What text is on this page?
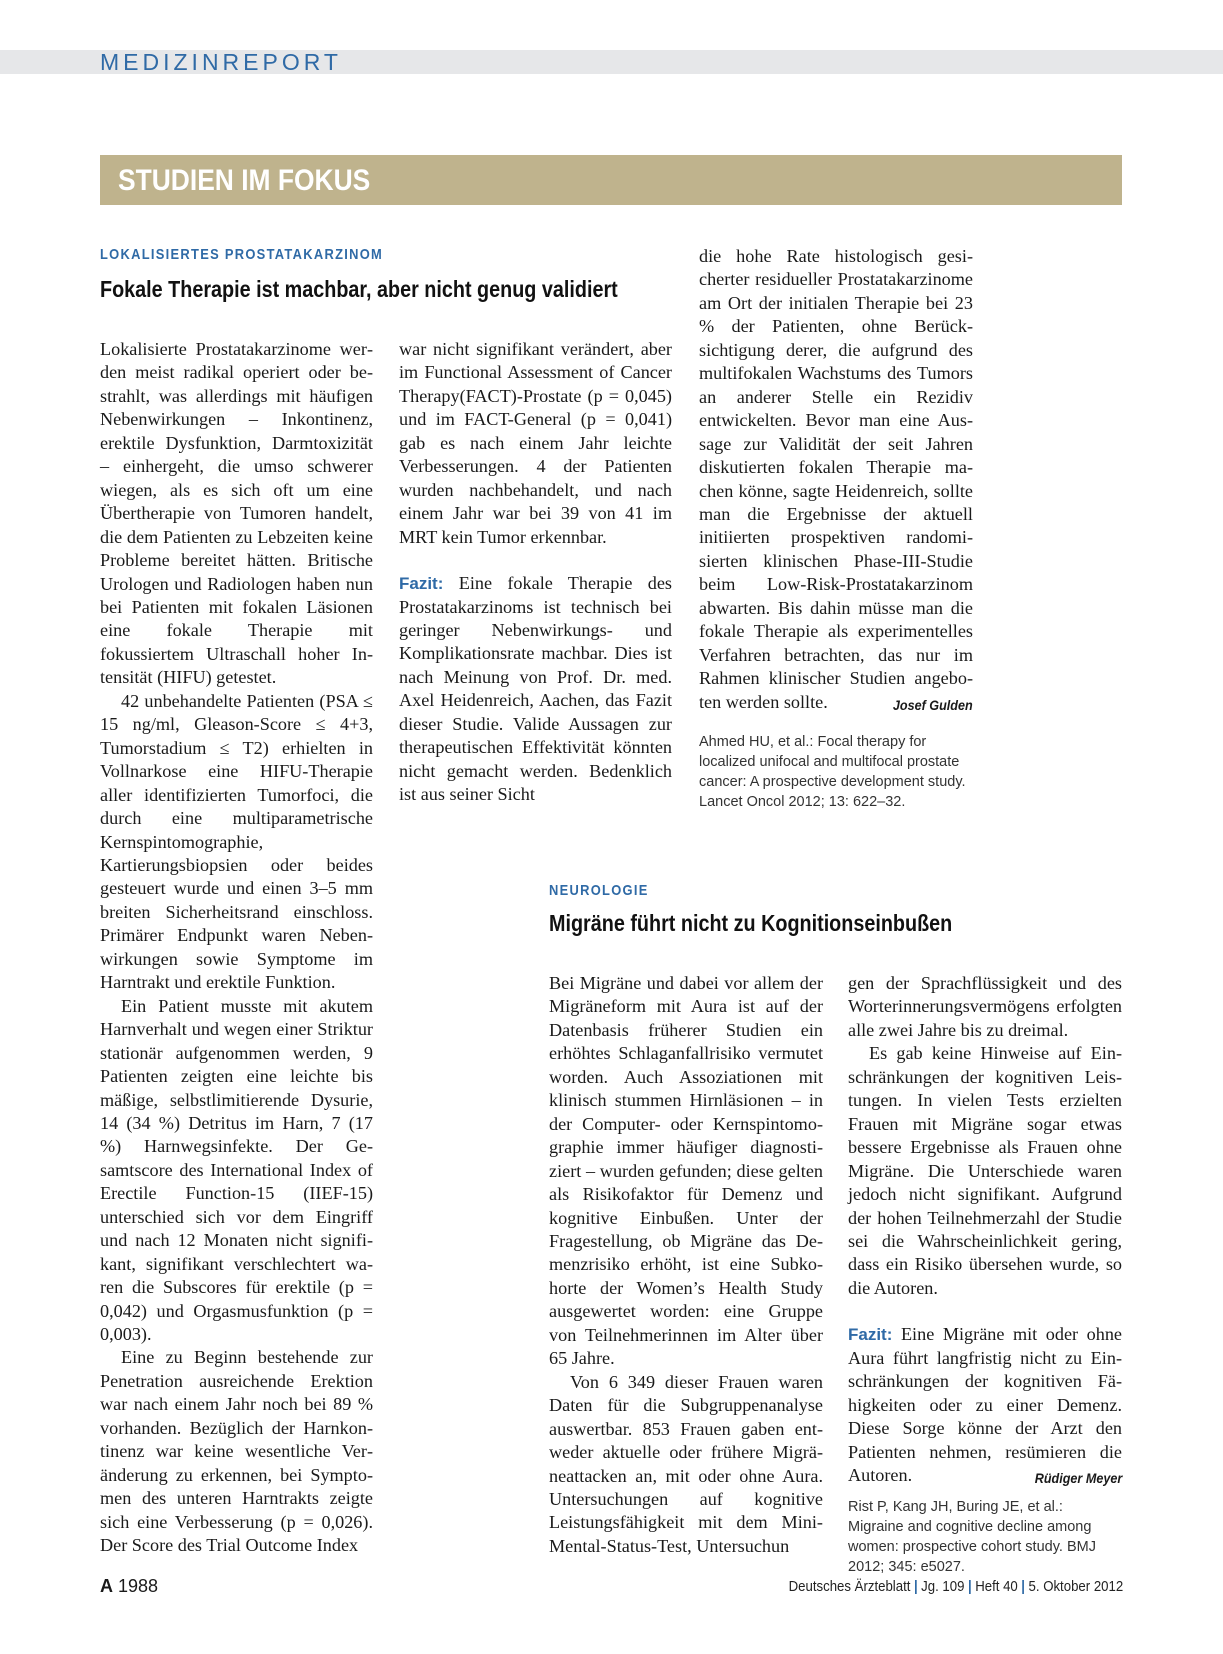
MEDIZINREPORT
STUDIEN IM FOKUS
LOKALISIERTES PROSTATAKARZINOM
Fokale Therapie ist machbar, aber nicht genug validiert

Lokalisierte Prostatakarzinome werden meist radikal operiert oder bestrahlt, was allerdings mit häufigen Nebenwirkungen – Inkontinenz, erektile Dysfunktion, Darmtoxizität – einhergeht, die umso schwerer wiegen, als es sich oft um eine Übertherapie von Tumoren handelt, die dem Patienten zu Lebzeiten keine Probleme bereitet hätten. Britische Urologen und Radiologen haben nun bei Patienten mit fokalen Läsionen eine fokale Therapie mit fokussiertem Ultraschall hoher Intensität (HIFU) getestet.

42 unbehandelte Patienten (PSA ≤ 15 ng/ml, Gleason-Score ≤ 4+3, Tumorstadium ≤ T2) erhielten in Vollnarkose eine HIFU-Therapie aller identifizierten Tumorfoci, die durch eine multiparametrische Kernspintomographie, Kartierungsbiopsien oder beides gesteuert wurde und einen 3–5 mm breiten Sicherheitsrand einschloss. Primärer Endpunkt waren Nebenwirkungen sowie Symptome im Harntrakt und erektile Funktion.

Ein Patient musste mit akutem Harnverhalt und wegen einer Striktur stationär aufgenommen werden, 9 Patienten zeigten eine leichte bis mäßige, selbstlimitierende Dysurie, 14 (34 %) Detritus im Harn, 7 (17 %) Harnwegsinfekte. Der Gesamtscore des International Index of Erectile Function-15 (IIEF-15) unterschied sich vor dem Eingriff und nach 12 Monaten nicht signifikant, signifikant verschlechtert waren die Subscores für erektile (p = 0,042) und Orgasmusfunktion (p = 0,003).

Eine zu Beginn bestehende zur Penetration ausreichende Erektion war nach einem Jahr noch bei 89 % vorhanden. Bezüglich der Harnkontinenz war keine wesentliche Veränderung zu erkennen, bei Symptomen des unteren Harntrakts zeigte sich eine Verbesserung (p = 0,026). Der Score des Trial Outcome Index

war nicht signifikant verändert, aber im Functional Assessment of Cancer Therapy(FACT)-Prostate (p = 0,045) und im FACT-General (p = 0,041) gab es nach einem Jahr leichte Verbesserungen. 4 der Patienten wurden nachbehandelt, und nach einem Jahr war bei 39 von 41 im MRT kein Tumor erkennbar.

Fazit: Eine fokale Therapie des Prostatakarzinoms ist technisch bei geringer Nebenwirkungs- und Komplikationsrate machbar. Dies ist nach Meinung von Prof. Dr. med. Axel Heidenreich, Aachen, das Fazit dieser Studie. Valide Aussagen zur therapeutischen Effektivität könnten nicht gemacht werden. Bedenklich ist aus seiner Sicht

die hohe Rate histologisch gesicherter residueller Prostatakarzinome am Ort der initialen Therapie bei 23 % der Patienten, ohne Berücksichtigung derer, die aufgrund des multifokalen Wachstums des Tumors an anderer Stelle ein Rezidiv entwickelten. Bevor man eine Aussage zur Validität der seit Jahren diskutierten fokalen Therapie machen könne, sagte Heidenreich, sollte man die Ergebnisse der aktuell initiierten prospektiven randomisierten klinischen Phase-III-Studie beim Low-Risk-Prostatakarzinom abwarten. Bis dahin müsse man die fokale Therapie als experimentelles Verfahren betrachten, das nur im Rahmen klinischer Studien angeboten werden sollte.	Josef Gulden

Ahmed HU, et al.: Focal therapy for localized unifocal and multifocal prostate cancer: A prospective development study. Lancet Oncol 2012; 13: 622–32.
NEUROLOGIE
Migräne führt nicht zu Kognitionseinbußen

Bei Migräne und dabei vor allem der Migräneform mit Aura ist auf der Datenbasis früherer Studien ein erhöhtes Schlaganfallrisiko vermutet worden. Auch Assoziationen mit klinisch stummen Hirnläsionen – in der Computer- oder Kernspintomographie immer häufiger diagnostiziert – wurden gefunden; diese gelten als Risikofaktor für Demenz und kognitive Einbußen. Unter der Fragestellung, ob Migräne das Demenzrisiko erhöht, ist eine Subkohorte der Women’s Health Study ausgewertet worden: eine Gruppe von Teilnehmerinnen im Alter über 65 Jahre.

Von 6 349 dieser Frauen waren Daten für die Subgruppenanalyse auswertbar. 853 Frauen gaben entweder aktuelle oder frühere Migräneattacken an, mit oder ohne Aura. Untersuchungen auf kognitive Leistungsfähigkeit mit dem Mini-Mental-Status-Test, Untersuchun

gen der Sprachflüssigkeit und des Worterinnerungsvermögens erfolgten alle zwei Jahre bis zu dreimal.

Es gab keine Hinweise auf Einschränkungen der kognitiven Leistungen. In vielen Tests erzielten Frauen mit Migräne sogar etwas bessere Ergebnisse als Frauen ohne Migräne. Die Unterschiede waren jedoch nicht signifikant. Aufgrund der hohen Teilnehmerzahl der Studie sei die Wahrscheinlichkeit gering, dass ein Risiko übersehen wurde, so die Autoren.

Fazit: Eine Migräne mit oder ohne Aura führt langfristig nicht zu Einschränkungen der kognitiven Fähigkeiten oder zu einer Demenz. Diese Sorge könne der Arzt den Patienten nehmen, resümieren die Autoren.	Rüdiger Meyer

Rist P, Kang JH, Buring JE, et al.: Migraine and cognitive decline among women: prospective cohort study. BMJ 2012; 345: e5027.
A 1988	Deutsches Ärzteblatt | Jg. 109 | Heft 40 | 5. Oktober 2012
